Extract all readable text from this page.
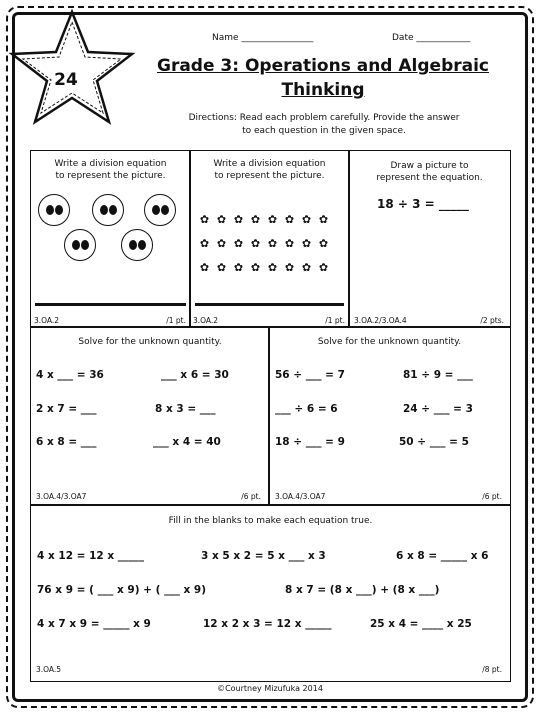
24
Name ________________	Date ____________
Grade 3: Operations and Algebraic
Thinking
Directions: Read each problem carefully. Provide the answer
to each question in the given space.
Write a division equation
to represent the picture.
3.OA.2	/1 pt.
Write a division equation
to represent the picture.
✿ ✿ ✿ ✿ ✿ ✿ ✿ ✿
✿ ✿ ✿ ✿ ✿ ✿ ✿ ✿
✿ ✿ ✿ ✿ ✿ ✿ ✿ ✿
3.OA.2	/1 pt.
Draw a picture to
represent the equation.
18 ÷ 3 = _____
3.OA.2/3.OA.4	/2 pts.
Solve for the unknown quantity.
4 x ___ = 36	___ x 6 = 30
2 x 7 = ___	8 x 3 = ___
6 x 8 = ___	___ x 4 = 40
3.OA.4/3.OA7	/6 pt.
Solve for the unknown quantity.
56 ÷ ___ = 7	81 ÷ 9 = ___
___ ÷ 6 = 6	24 ÷ ___ = 3
18 ÷ ___ = 9	50 ÷ ___ = 5
3.OA.4/3.OA7	/6 pt.
Fill in the blanks to make each equation true.
4 x 12 = 12 x _____	3 x 5 x 2 = 5 x ___ x 3	6 x 8 = _____ x 6
76 x 9 = ( ___ x 9) + ( ___ x 9)	8 x 7 = (8 x ___) + (8 x ___)
4 x 7 x 9 = _____ x 9	12 x 2 x 3 = 12 x _____	25 x 4 = ____ x 25
3.OA.5	/8 pt.
©Courtney Mizufuka 2014
